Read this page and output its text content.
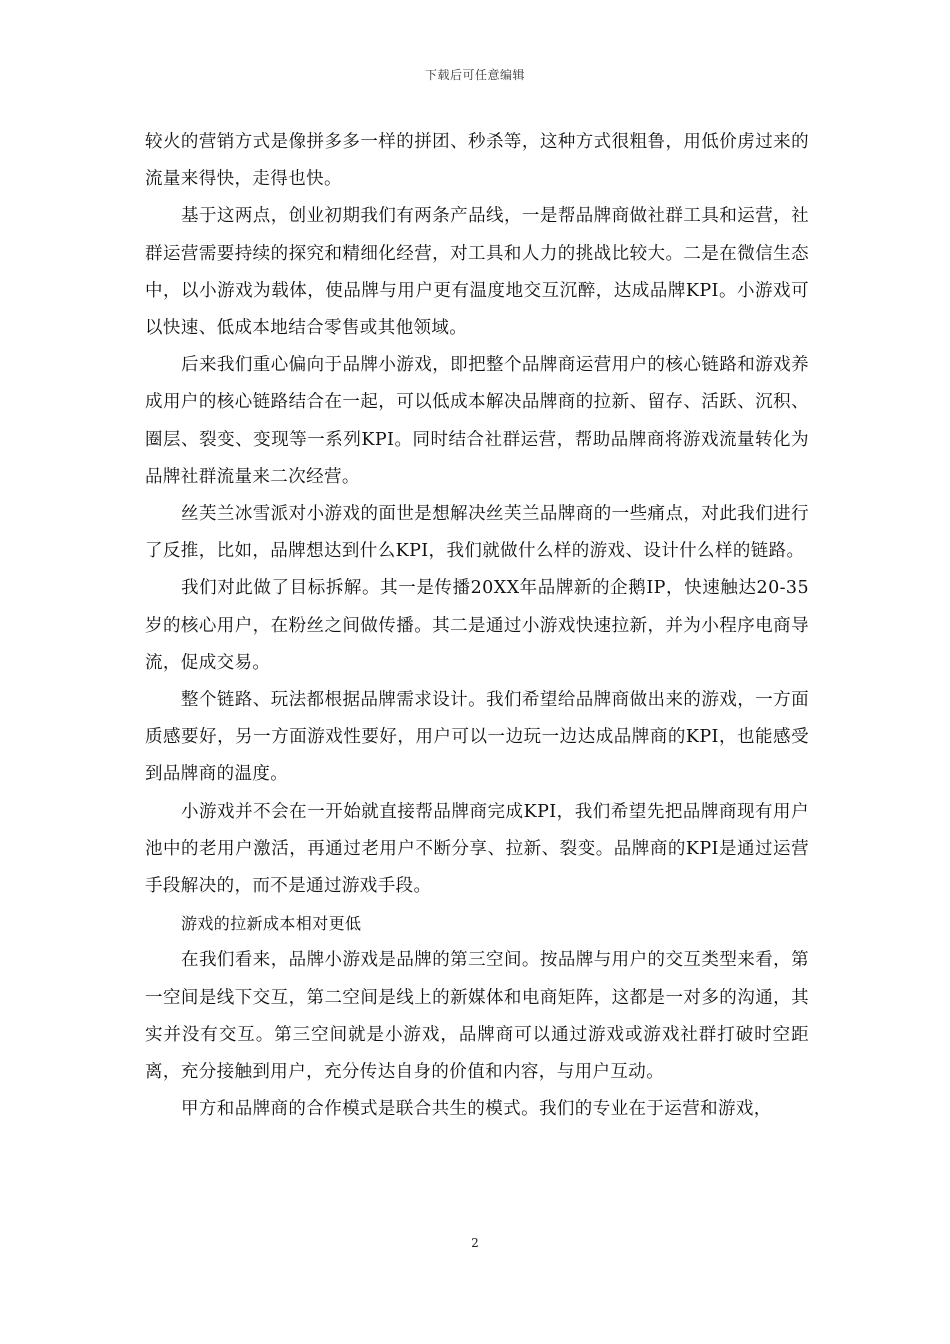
下载后可任意编辑

较火的营销方式是像拼多多一样的拼团、秒杀等，这种方式很粗鲁，用低价虏过来的流量来得快，走得也快。

基于这两点，创业初期我们有两条产品线，一是帮品牌商做社群工具和运营，社群运营需要持续的探究和精细化经营，对工具和人力的挑战比较大。二是在微信生态中，以小游戏为载体，使品牌与用户更有温度地交互沉醉，达成品牌KPI。小游戏可以快速、低成本地结合零售或其他领域。

后来我们重心偏向于品牌小游戏，即把整个品牌商运营用户的核心链路和游戏养成用户的核心链路结合在一起，可以低成本解决品牌商的拉新、留存、活跃、沉积、圈层、裂变、变现等一系列KPI。同时结合社群运营，帮助品牌商将游戏流量转化为品牌社群流量来二次经营。

丝芙兰冰雪派对小游戏的面世是想解决丝芙兰品牌商的一些痛点，对此我们进行了反推，比如，品牌想达到什么KPI，我们就做什么样的游戏、设计什么样的链路。

我们对此做了目标拆解。其一是传播20XX年品牌新的企鹅IP，快速触达20-35岁的核心用户，在粉丝之间做传播。其二是通过小游戏快速拉新，并为小程序电商导流，促成交易。

整个链路、玩法都根据品牌需求设计。我们希望给品牌商做出来的游戏，一方面质感要好，另一方面游戏性要好，用户可以一边玩一边达成品牌商的KPI，也能感受到品牌商的温度。

小游戏并不会在一开始就直接帮品牌商完成KPI，我们希望先把品牌商现有用户池中的老用户激活，再通过老用户不断分享、拉新、裂变。品牌商的KPI是通过运营手段解决的，而不是通过游戏手段。

游戏的拉新成本相对更低

在我们看来，品牌小游戏是品牌的第三空间。按品牌与用户的交互类型来看，第一空间是线下交互，第二空间是线上的新媒体和电商矩阵，这都是一对多的沟通，其实并没有交互。第三空间就是小游戏，品牌商可以通过游戏或游戏社群打破时空距离，充分接触到用户，充分传达自身的价值和内容，与用户互动。

甲方和品牌商的合作模式是联合共生的模式。我们的专业在于运营和游戏，

2
